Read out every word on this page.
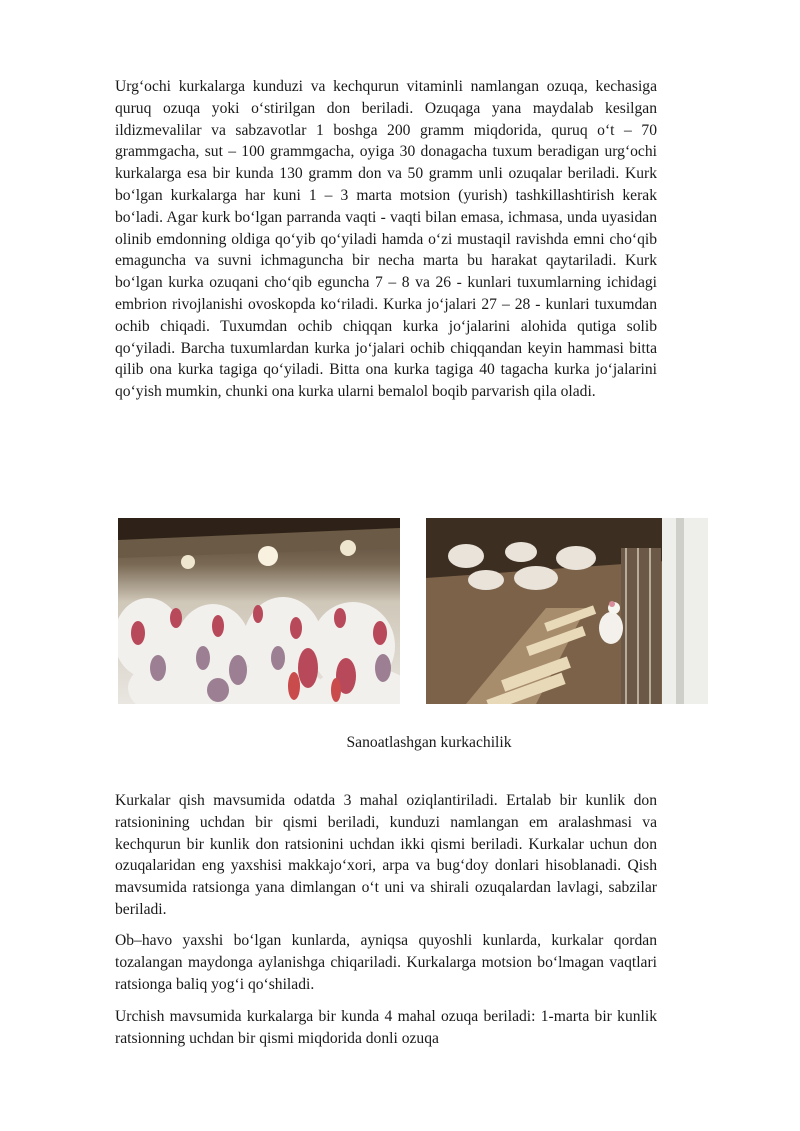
Urg‘ochi kurkalarga kunduzi va kechqurun vitaminli namlangan ozuqa, kechasiga quruq ozuqa yoki o‘stirilgan don beriladi. Ozuqaga yana maydalab kesilgan ildizmevalilar va sabzavotlar 1 boshga 200 gramm miqdorida, quruq o‘t – 70 grammgacha, sut – 100 grammgacha, oyiga 30 donagacha tuxum beradigan urg‘ochi kurkalarga esa bir kunda 130 gramm don va 50 gramm unli ozuqalar beriladi. Kurk bo‘lgan kurkalarga har kuni 1 – 3 marta motsion (yurish) tashkillashtirish kerak bo‘ladi. Agar kurk bo‘lgan parranda vaqti - vaqti bilan emasa, ichmasa, unda uyasidan olinib emdonning oldiga qo‘yib qo‘yiladi hamda o‘zi mustaqil ravishda emni cho‘qib emaguncha va suvni ichmaguncha bir necha marta bu harakat qaytariladi. Kurk bo‘lgan kurka ozuqani cho‘qib eguncha 7 – 8 va 26 - kunlari tuxumlarning ichidagi embrion rivojlanishi ovoskopda ko‘riladi. Kurka jo‘jalari 27 – 28 - kunlari tuxumdan ochib chiqadi. Tuxumdan ochib chiqqan kurka jo‘jalarini alohida qutiga solib qo‘yiladi. Barcha tuxumlardan kurka jo‘jalari ochib chiqqandan keyin hammasi bitta qilib ona kurka tagiga qo‘yiladi. Bitta ona kurka tagiga 40 tagacha kurka jo‘jalarini qo‘yish mumkin, chunki ona kurka ularni bemalol boqib parvarish qila oladi.

Sanoatlashgan kurkachilik

Kurkalar qish mavsumida odatda 3 mahal oziqlantiriladi. Ertalab bir kunlik don ratsionining uchdan bir qismi beriladi, kunduzi namlangan em aralashmasi va kechqurun bir kunlik don ratsionini uchdan ikki qismi beriladi. Kurkalar uchun don ozuqalaridan eng yaxshisi makkajo‘xori, arpa va bug‘doy donlari hisoblanadi. Qish mavsumida ratsionga yana dimlangan o‘t uni va shirali ozuqalardan lavlagi, sabzilar beriladi.

Ob–havo yaxshi bo‘lgan kunlarda, ayniqsa quyoshli kunlarda, kurkalar qordan tozalangan maydonga aylanishga chiqariladi. Kurkalarga motsion bo‘lmagan vaqtlari ratsionga baliq yog‘i qo‘shiladi.

Urchish mavsumida kurkalarga bir kunda 4 mahal ozuqa beriladi: 1-marta bir kunlik ratsionning uchdan bir qismi miqdorida donli ozuqa
